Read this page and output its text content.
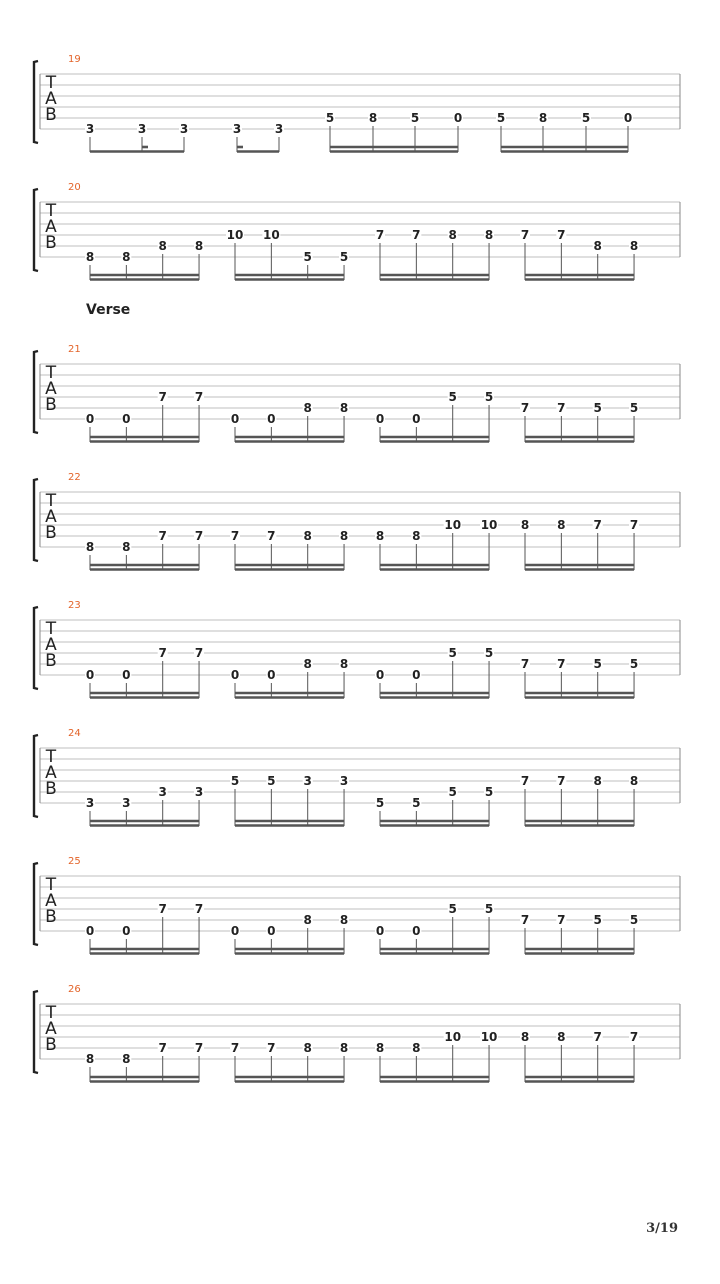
19
T
A
B
3	3	3	3	3
5	8	5	0	5	8	5	0
20
T
A
B
8 8
8 8
10 10
5 5
7 7 8 8 7 7
8 8
Verse
21
T
A
B
0 0
7 7
0 0
8 8
0 0
5 5
7 7 5 5
22
T
A
B
8 8
7 7 7 7 8 8 8 8
10 10 8 8 7 7
23
T
A
B
0 0
7 7
0 0
8 8
0 0
5 5
7 7 5 5
24
T
A
B
3 3
3 3
5 5 3 3
5 5
5 5
7 7 8 8
25
T
A
B
0 0
7 7
0 0
8 8
0 0
5 5
7 7 5 5
26
T
A
B
8 8
7 7 7 7 8 8 8 8
10 10 8 8 7 7
3/19
